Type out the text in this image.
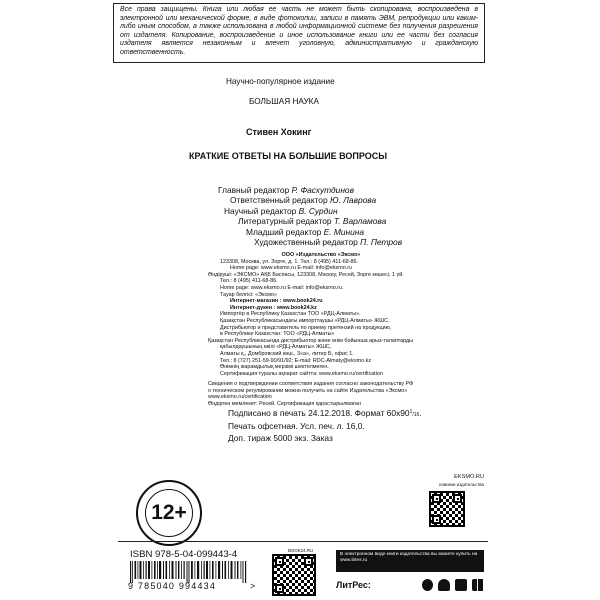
Все права защищены. Книга или любая ее часть не может быть скопирована, воспроизведена в электронной или механической форме, в виде фотокопии, записи в память ЭВМ, репродукции или каким-либо иным способом, а также использована в любой информационной системе без получения разрешения от издателя. Копирование, воспроизведение и иное использование книги или ее части без согласия издателя является незаконным и влечет уголовную, административную и гражданскую ответственность.
Научно-популярное издание
БОЛЬШАЯ НАУКА
Стивен Хокинг
КРАТКИЕ ОТВЕТЫ НА БОЛЬШИЕ ВОПРОСЫ
Главный редактор Р. Фасхутдинов
Ответственный редактор Ю. Лаврова
Научный редактор В. Сурдин
Литературный редактор Т. Варламова
Младший редактор Е. Минина
Художественный редактор П. Петров
ООО «Издательство «Эксмо»
123308, Москва, ул. Зорге, д. 1. Тел.: 8 (495) 411-68-86.
Home page: www.eksmo.ru E-mail: info@eksmo.ru
Өндіруші: «ЭКСМО» АҚБ Баспасы, 123308, Мәскеу, Ресей, Зорге көшесі, 1 үй.
Тел.: 8 (495) 411-68-86.
Home page: www.eksmo.ru E-mail: info@eksmo.ru.
Тауар белгісі: «Эксмо»
Интернет-магазин : www.book24.ru
Интернет-дүкен : www.book24.kz
Импортёр в Республику Казахстан ТОО «РДЦ-Алматы».
Қазақстан Республикасындағы импорттаушы «РДЦ-Алматы» ЖШС.
Дистрибьютор и представитель по приему претензий на продукцию,
в Республике Казахстан: ТОО «РДЦ-Алматы»
Қазақстан Республикасында дистрибьютор және өнім бойынша арыз-талаптарды
қабылдаушының өкілі «РДЦ-Алматы» ЖШС,
Алматы қ., Домбровский көш., 3«а», литер Б, офис 1.
Тел.: 8 (727) 251-59-90/91/92; E-mail: RDC-Almaty@eksmo.kz
Өнімнің жарамдылық мерзімі шектелмеген.
Сертификация туралы ақпарат сайтта: www.eksmo.ru/certification
Сведения о подтверждении соответствия издания согласно законодательству РФ
о техническом регулировании можно получить на сайте Издательства «Эксмо»
www.eksmo.ru/certification
Өндірген мемлекет: Ресей. Сертификация қарастырылмаған
Подписано в печать 24.12.2018. Формат $60x90^1/16$.
Печать офсетная. Усл. печ. л. 16,0.
Доп. тираж 5000 экз. Заказ
EKSMO.RU
новинки издательства
12+
ISBN 978-5-04-099443-4
9 785040 994434	>
BOOK24.RU
В электронном виде книги издательства вы можете купить на www.litres.ru
ЛитРес:
